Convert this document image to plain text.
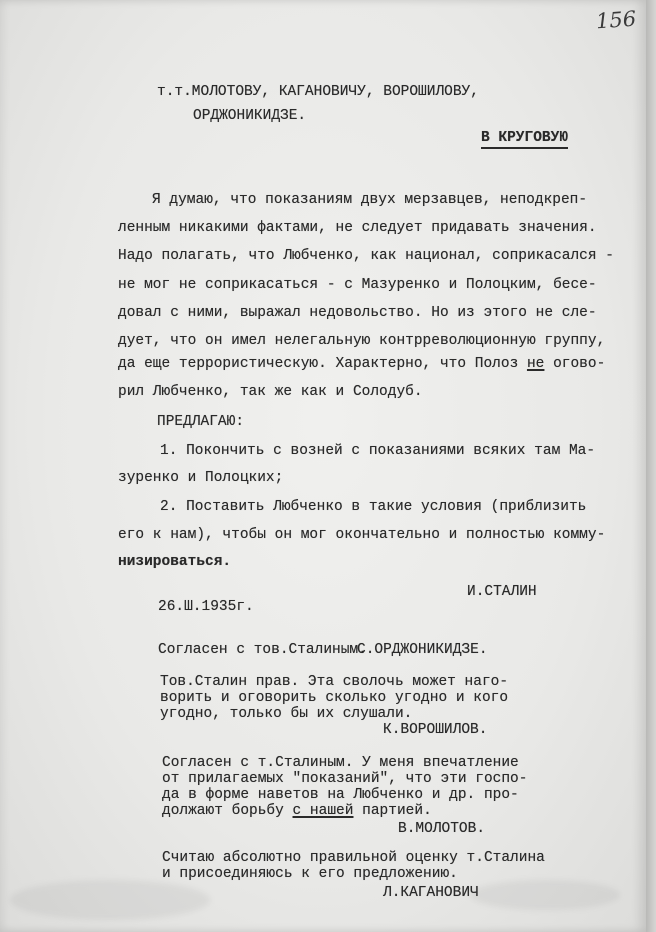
156
т.т.МОЛОТОВУ, КАГАНОВИЧУ, ВОРОШИЛОВУ,
ОРДЖОНИКИДЗЕ.
В КРУГОВУЮ
Я думаю, что показаниям двух мерзавцев, неподкреп-
ленным никакими фактами, не следует придавать значения.
Надо полагать, что Любченко, как национал, соприкасался -
не мог не соприкасаться - с Мазуренко и Полоцким, бесе-
довал с ними, выражал недовольство. Но из этого не сле-
дует, что он имел нелегальную контрреволюционную группу,
да еще террористическую. Характерно, что Полоз не огово-
рил Любченко, так же как и Солодуб.
ПРЕДЛАГАЮ:
1. Покончить с возней с показаниями всяких там Ма-
зуренко и Полоцких;
2. Поставить Любченко в такие условия (приблизить
его к нам), чтобы он мог окончательно и полностью комму-
низироваться.
И.СТАЛИН
26.Ш.1935г.
Согласен с тов.Сталиным.
С.ОРДЖОНИКИДЗЕ.
Тов.Сталин прав. Эта сволочь может наго-
ворить и оговорить сколько угодно и кого
угодно, только бы их слушали.
К.ВОРОШИЛОВ.
Согласен с т.Сталиным. У меня впечатление
от прилагаемых "показаний", что эти госпо-
да в форме наветов на Любченко и др. про-
должают борьбу с нашей партией.
В.МОЛОТОВ.
Считаю абсолютно правильной оценку т.Сталина
и присоединяюсь к его предложению.
Л.КАГАНОВИЧ
